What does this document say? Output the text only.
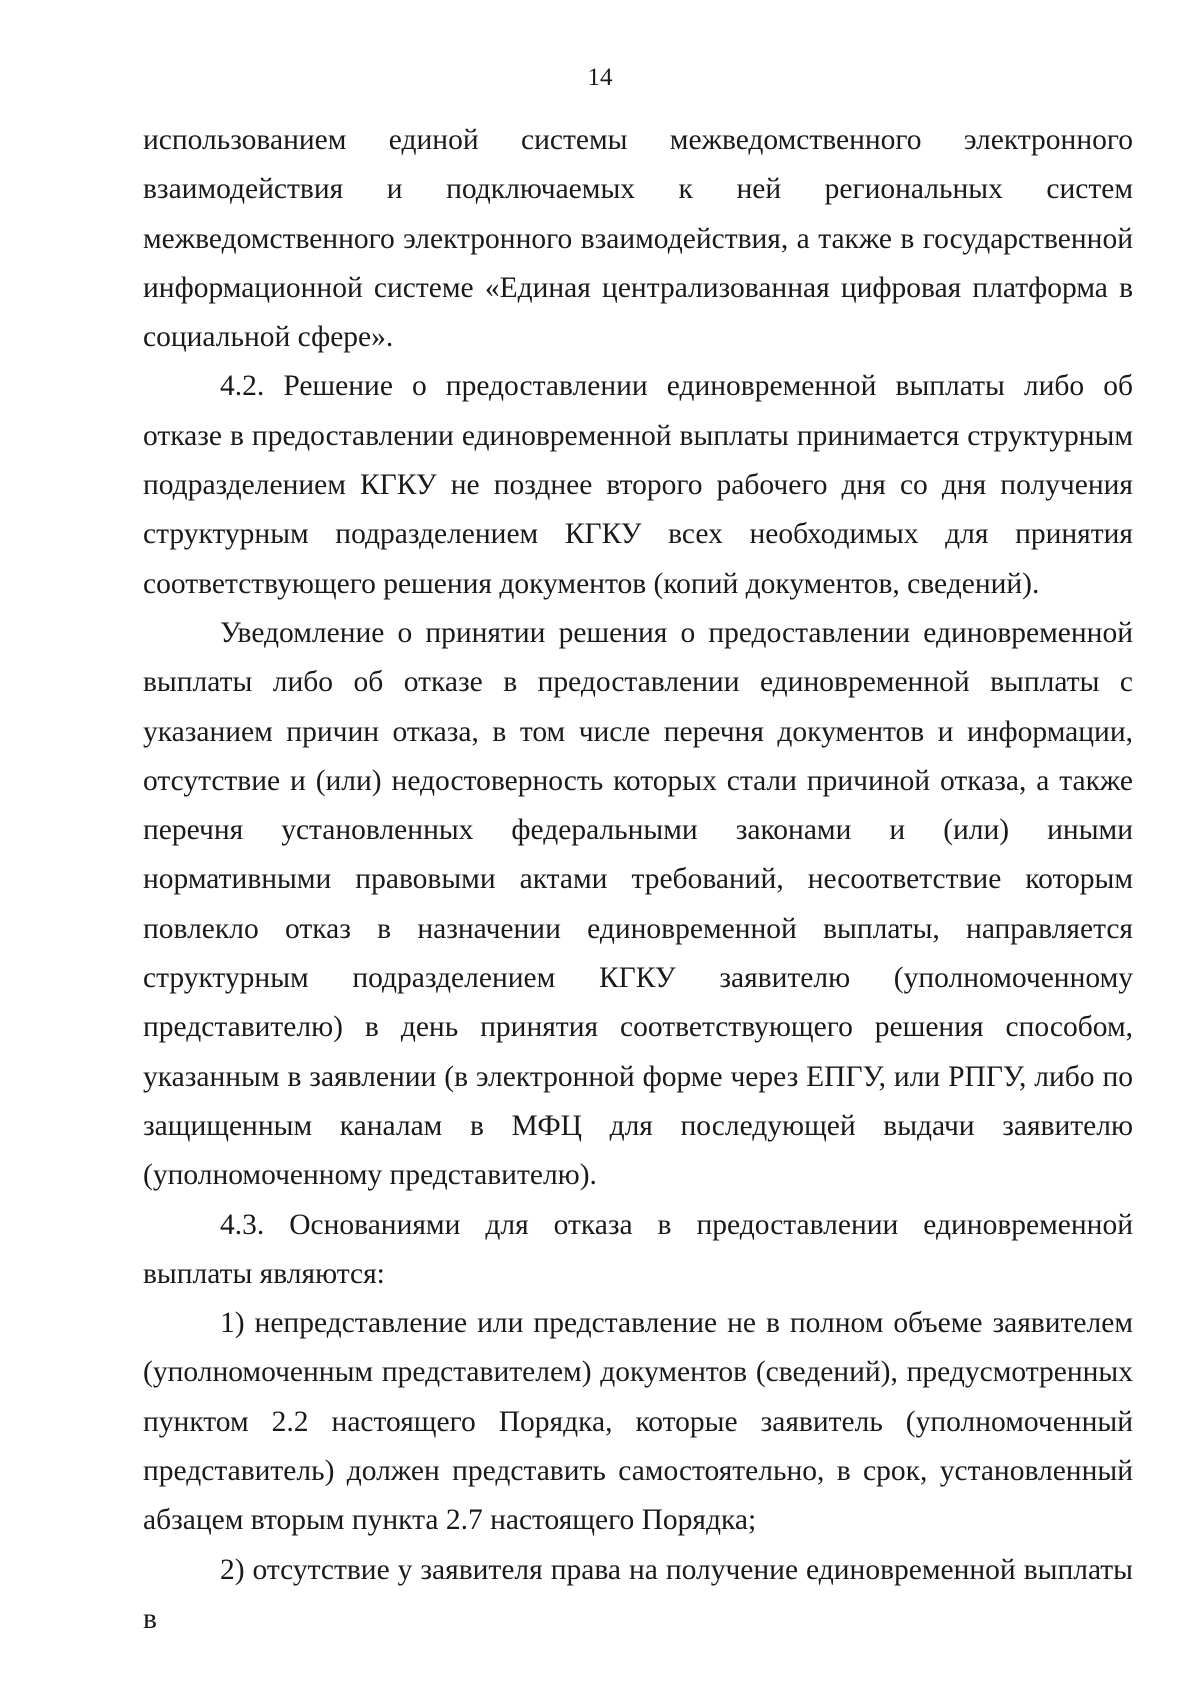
14

использованием единой системы межведомственного электронного взаимодействия и подключаемых к ней региональных систем межведомственного электронного взаимодействия, а также в государственной информационной системе «Единая централизованная цифровая платформа в социальной сфере».

4.2. Решение о предоставлении единовременной выплаты либо об отказе в предоставлении единовременной выплаты принимается структурным подразделением КГКУ не позднее второго рабочего дня со дня получения структурным подразделением КГКУ всех необходимых для принятия соответствующего решения документов (копий документов, сведений).

Уведомление о принятии решения о предоставлении единовременной выплаты либо об отказе в предоставлении единовременной выплаты с указанием причин отказа, в том числе перечня документов и информации, отсутствие и (или) недостоверность которых стали причиной отказа, а также перечня установленных федеральными законами и (или) иными нормативными правовыми актами требований, несоответствие которым повлекло отказ в назначении единовременной выплаты, направляется структурным подразделением КГКУ заявителю (уполномоченному представителю) в день принятия соответствующего решения способом, указанным в заявлении (в электронной форме через ЕПГУ, или РПГУ, либо по защищенным каналам в МФЦ для последующей выдачи заявителю (уполномоченному представителю).

4.3. Основаниями для отказа в предоставлении единовременной выплаты являются:

1) непредставление или представление не в полном объеме заявителем (уполномоченным представителем) документов (сведений), предусмотренных пунктом 2.2 настоящего Порядка, которые заявитель (уполномоченный представитель) должен представить самостоятельно, в срок, установленный абзацем вторым пункта 2.7 настоящего Порядка;

2) отсутствие у заявителя права на получение единовременной выплаты в
